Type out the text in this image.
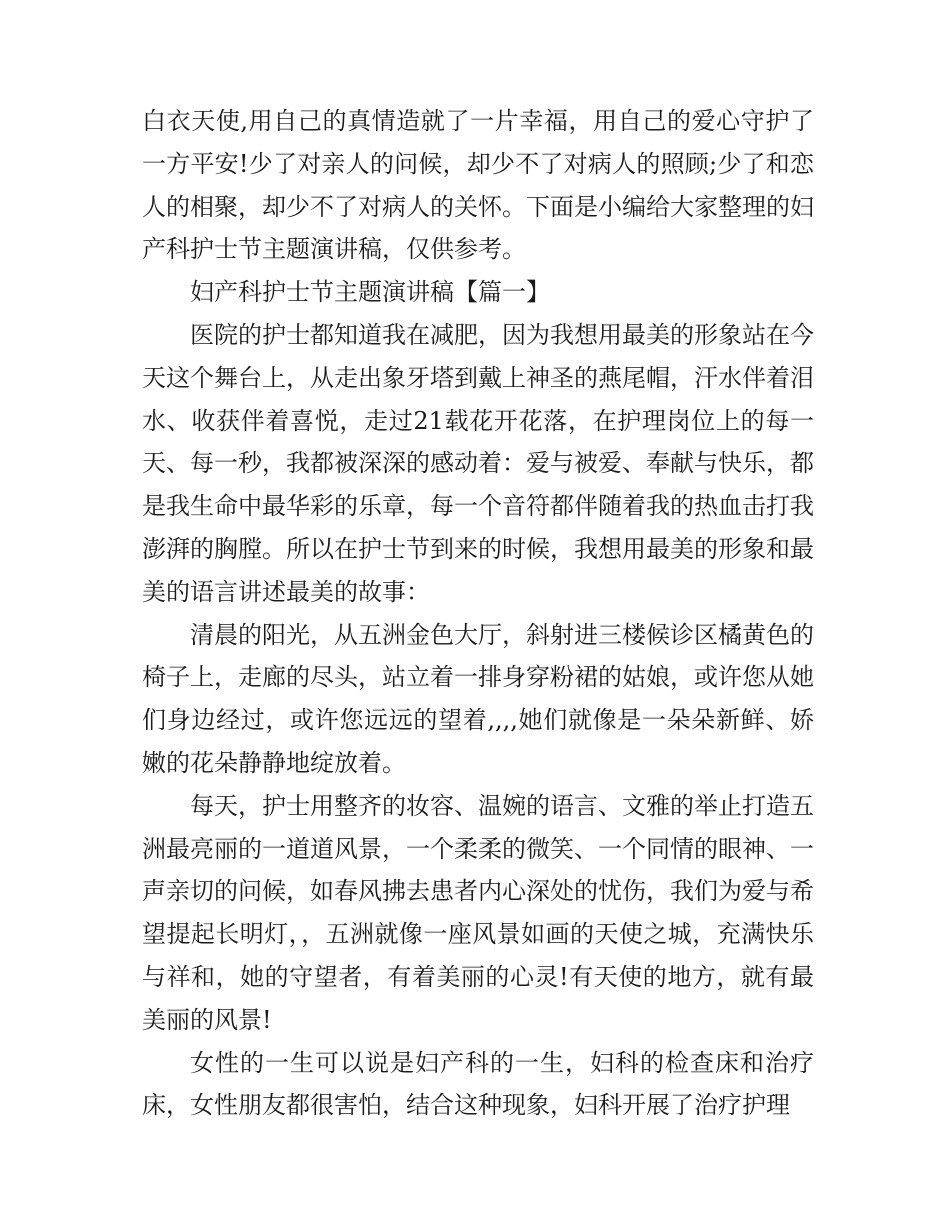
白衣天使,用自己的真情造就了一片幸福，用自己的爱心守护了一方平安!少了对亲人的问候，却少不了对病人的照顾;少了和恋人的相聚，却少不了对病人的关怀。下面是小编给大家整理的妇产科护士节主题演讲稿，仅供参考。

妇产科护士节主题演讲稿【篇一】

医院的护士都知道我在减肥，因为我想用最美的形象站在今天这个舞台上，从走出象牙塔到戴上神圣的燕尾帽，汗水伴着泪水、收获伴着喜悦，走过21载花开花落，在护理岗位上的每一天、每一秒，我都被深深的感动着：爱与被爱、奉献与快乐，都是我生命中最华彩的乐章，每一个音符都伴随着我的热血击打我澎湃的胸膛。所以在护士节到来的时候，我想用最美的形象和最美的语言讲述最美的故事：

清晨的阳光，从五洲金色大厅，斜射进三楼候诊区橘黄色的椅子上，走廊的尽头，站立着一排身穿粉裙的姑娘，或许您从她们身边经过，或许您远远的望着,,,,她们就像是一朵朵新鲜、娇嫩的花朵静静地绽放着。

每天，护士用整齐的妆容、温婉的语言、文雅的举止打造五洲最亮丽的一道道风景，一个柔柔的微笑、一个同情的眼神、一声亲切的问候，如春风拂去患者内心深处的忧伤，我们为爱与希望提起长明灯，，五洲就像一座风景如画的天使之城，充满快乐与祥和，她的守望者，有着美丽的心灵!有天使的地方，就有最美丽的风景!

女性的一生可以说是妇产科的一生，妇科的检查床和治疗床，女性朋友都很害怕，结合这种现象，妇科开展了治疗护理
